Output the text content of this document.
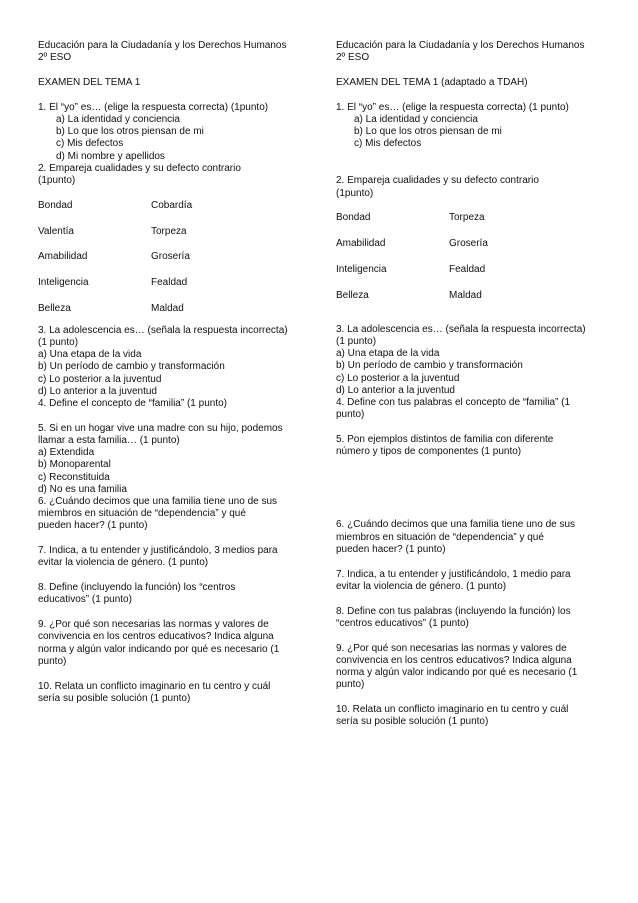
Educación para la Ciudadanía y los Derechos Humanos

2º ESO

EXAMEN DEL TEMA 1

1. El “yo” es… (elige la respuesta correcta) (1punto)

a) La identidad y conciencia
b) Lo que los otros piensan de mi
c) Mis defectos
d) Mi nombre y apellidos

2. Empareja cualidades y su defecto contrario

(1punto)

Bondad	Cobardía
Valentía	Torpeza
Amabilidad	Grosería
Inteligencia	Fealdad
Belleza	Maldad

3. La adolescencia es… (señala la respuesta incorrecta)

(1 punto)

a) Una etapa de la vida
b) Un período de cambio y transformación
c) Lo posterior a la juventud
d) Lo anterior a la juventud

4. Define el concepto de “familia” (1 punto)

5. Si en un hogar vive una madre con su hijo, podemos

llamar a esta familia… (1 punto)

a) Extendida
b) Monoparental
c) Reconstituida
d) No es una familia

6. ¿Cuándo decimos que una familia tiene uno de sus

miembros en situación de “dependencia” y qué

pueden hacer? (1 punto)

7. Indica, a tu entender y justificándolo, 3 medios para

evitar la violencia de género. (1 punto)

8. Define (incluyendo la función) los “centros

educativos” (1 punto)

9. ¿Por qué son necesarias las normas y valores de

convivencia en los centros educativos? Indica alguna

norma y algún valor indicando por qué es necesario (1

punto)

10. Relata un conflicto imaginario en tu centro y cuál

sería su posible solución (1 punto)

Educación para la Ciudadanía y los Derechos Humanos

2º ESO

EXAMEN DEL TEMA 1 (adaptado a TDAH)

1. El “yo” es… (elige la respuesta correcta) (1 punto)

a) La identidad y conciencia
b) Lo que los otros piensan de mi
c) Mis defectos

2. Empareja cualidades y su defecto contrario

(1punto)

Bondad	Torpeza
Amabilidad	Grosería
Inteligencia	Fealdad
Belleza	Maldad

3. La adolescencia es… (señala la respuesta incorrecta)

(1 punto)

a) Una etapa de la vida
b) Un período de cambio y transformación
c) Lo posterior a la juventud
d) Lo anterior a la juventud

4. Define con tus palabras el concepto de “familia” (1

punto)

5. Pon ejemplos distintos de familia con diferente

número y tipos de componentes (1 punto)

6. ¿Cuándo decimos que una familia tiene uno de sus

miembros en situación de “dependencia” y qué

pueden hacer? (1 punto)

7. Indica, a tu entender y justificándolo, 1 medio para

evitar la violencia de género. (1 punto)

8. Define con tus palabras (incluyendo la función) los

“centros educativos” (1 punto)

9. ¿Por qué son necesarias las normas y valores de

convivencia en los centros educativos? Indica alguna

norma y algún valor indicando por qué es necesario (1

punto)

10. Relata un conflicto imaginario en tu centro y cuál

sería su posible solución (1 punto)
